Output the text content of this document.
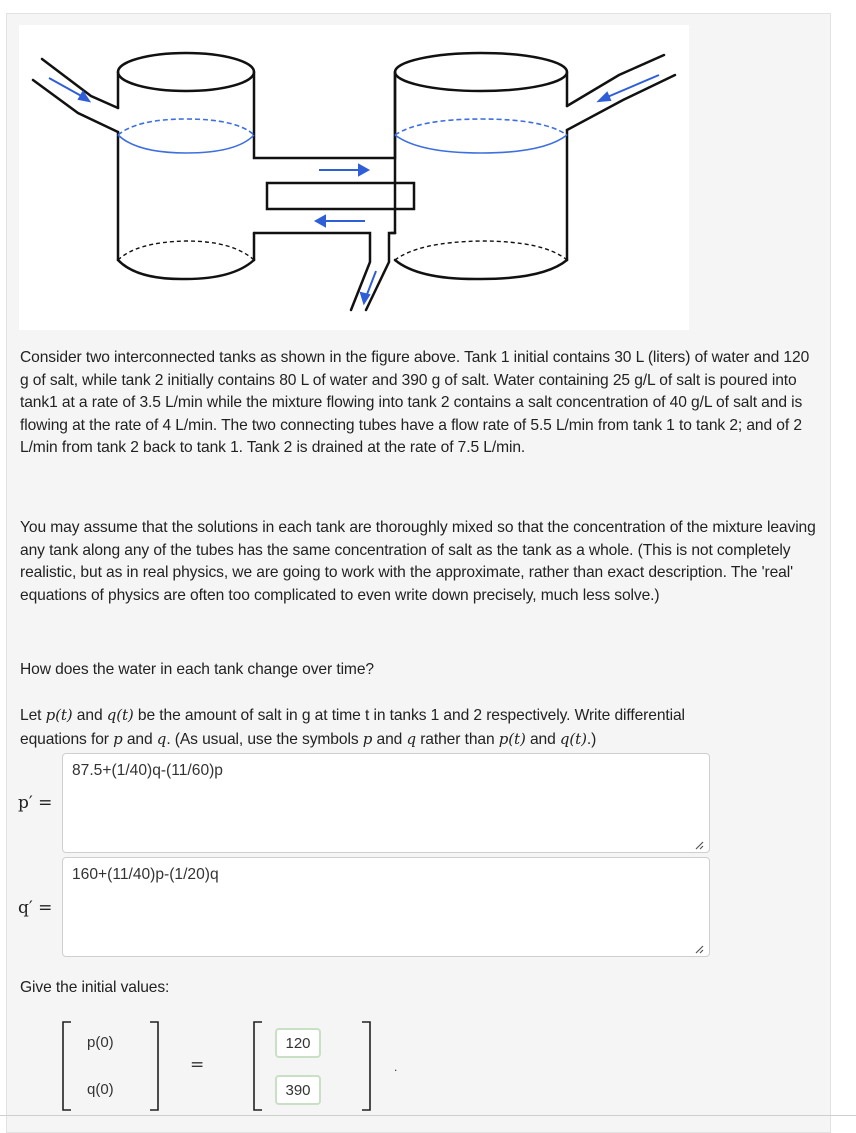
Consider two interconnected tanks as shown in the figure above. Tank 1 initial contains 30 L (liters) of water and 120 g of salt, while tank 2 initially contains 80 L of water and 390 g of salt. Water containing 25 g/L of salt is poured into tank1 at a rate of 3.5 L/min while the mixture flowing into tank 2 contains a salt concentration of 40 g/L of salt and is flowing at the rate of 4 L/min. The two connecting tubes have a flow rate of 5.5 L/min from tank 1 to tank 2; and of 2 L/min from tank 2 back to tank 1. Tank 2 is drained at the rate of 7.5 L/min.

You may assume that the solutions in each tank are thoroughly mixed so that the concentration of the mixture leaving any tank along any of the tubes has the same concentration of salt as the tank as a whole. (This is not completely realistic, but as in real physics, we are going to work with the approximate, rather than exact description. The 'real' equations of physics are often too complicated to even write down precisely, much less solve.)

How does the water in each tank change over time?

Let p(t) and q(t) be the amount of salt in g at time t in tanks 1 and 2 respectively. Write differential
equations for p and q. (As usual, use the symbols p and q rather than p(t) and q(t).)

p′ =
87.5+(1/40)q-(11/60)p
q′ =
160+(11/40)p-(1/20)q

Give the initial values:

p(0)
q(0)
=
120
390	.
